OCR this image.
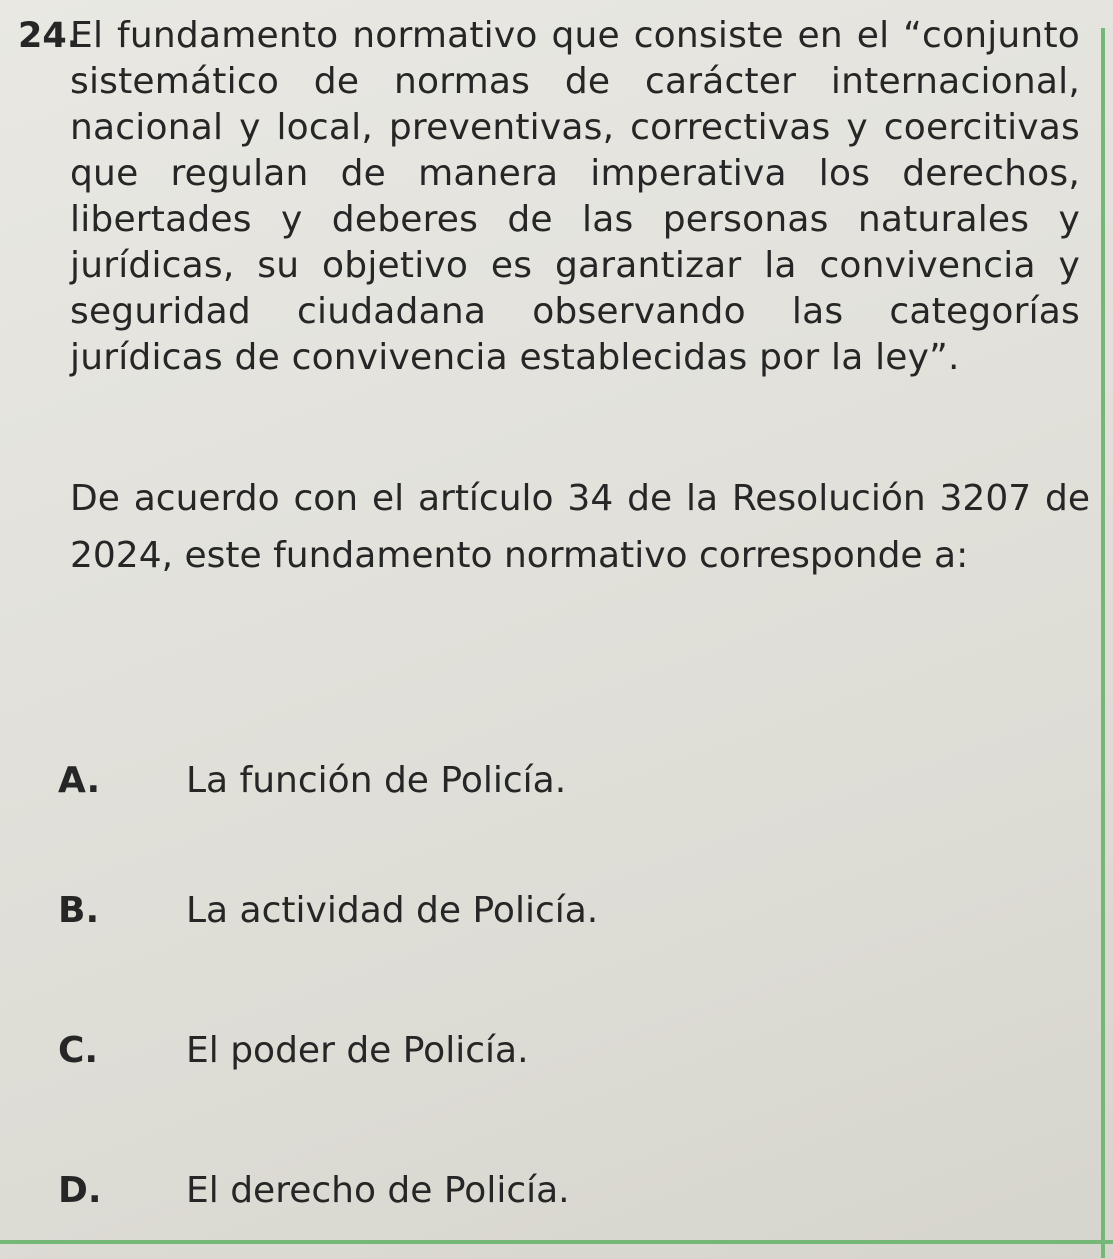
24.
El fundamento normativo que consiste en el “conjunto sistemático de normas de carácter internacional, nacional y local, preventivas, correctivas y coercitivas que regulan de manera imperativa los derechos, libertades y deberes de las personas naturales y jurídicas, su objetivo es garantizar la convivencia y seguridad ciudadana observando las categorías jurídicas de convivencia establecidas por la ley”.
De acuerdo con el artículo 34 de la Resolución 3207 de 2024, este fundamento normativo corresponde a:
A.	La función de Policía.
B.	La actividad de Policía.
C.	El poder de Policía.
D.	El derecho de Policía.
